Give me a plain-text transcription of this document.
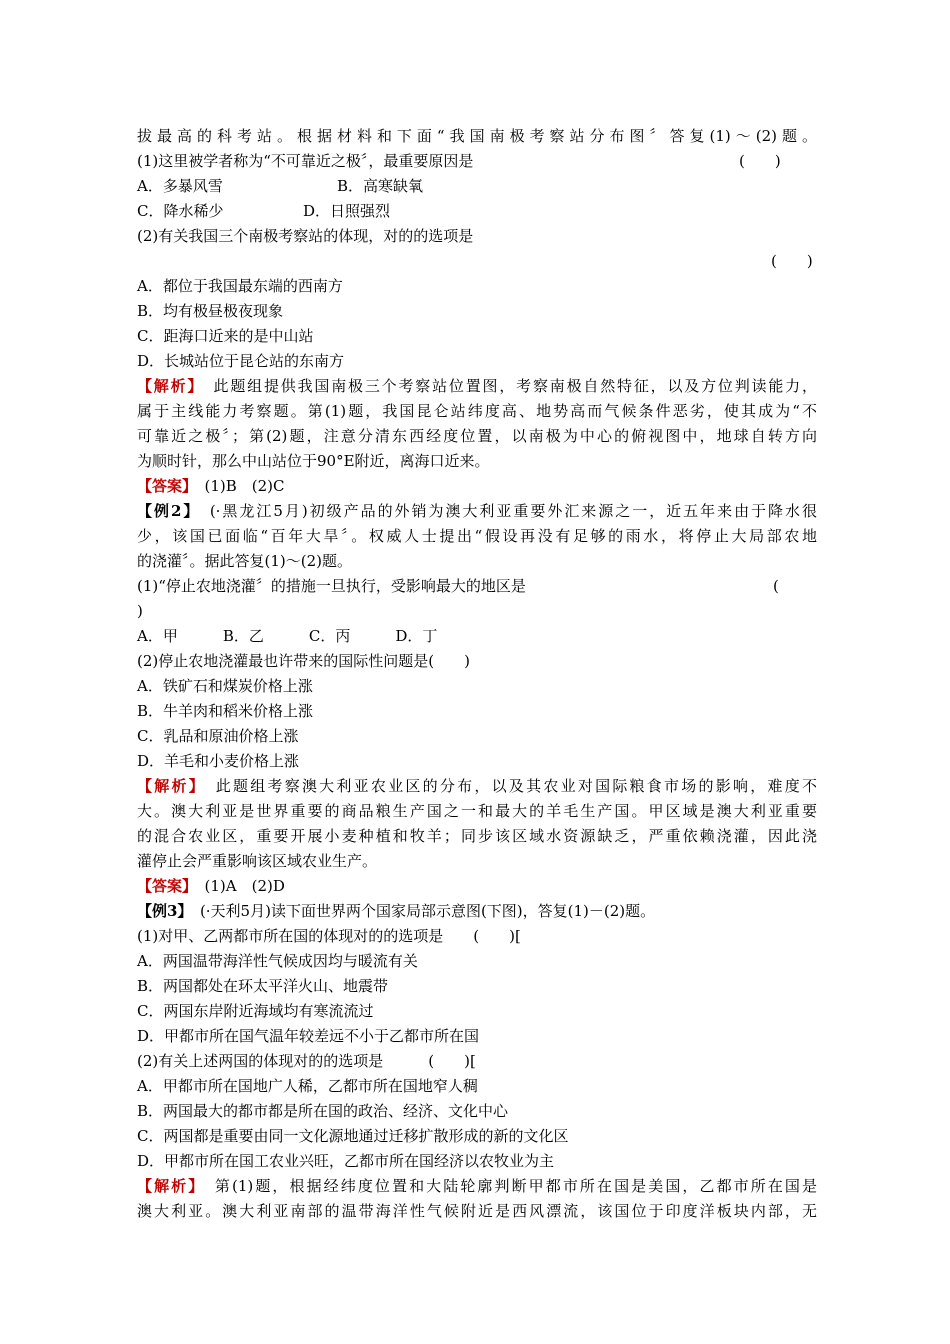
拔最高的科考站。根据材料和下面“我国南极考察站分布图〞答复(1)～(2)题。
(1)这里被学者称为“不可靠近之极〞，最重要原因是	(　　)
A．多暴风雪	B．高寒缺氧
C．降水稀少	D．日照强烈
(2)有关我国三个南极考察站的体现，对的的选项是
(　　)
A．都位于我国最东端的西南方
B．均有极昼极夜现象
C．距海口近来的是中山站
D．长城站位于昆仑站的东南方
【解析】　此题组提供我国南极三个考察站位置图，考察南极自然特征，以及方位判读能力，
属于主线能力考察题。第(1)题，我国昆仑站纬度高、地势高而气候条件恶劣，使其成为“不
可靠近之极〞；第(2)题，注意分清东西经度位置，以南极为中心的俯视图中，地球自转方向
为顺时针，那么中山站位于90°E附近，离海口近来。
【答案】　(1)B　(2)C
【例2】　(·黑龙江5月)初级产品的外销为澳大利亚重要外汇来源之一，近五年来由于降水很
少，该国已面临“百年大旱〞。权威人士提出“假设再没有足够的雨水，将停止大局部农地
的浇灌〞。据此答复(1)～(2)题。
(1)“停止农地浇灌〞的措施一旦执行，受影响最大的地区是	(
)
A．甲　　　B．乙　　　C．丙　　　D．丁
(2)停止农地浇灌最也许带来的国际性问题是(　　)
A．铁矿石和煤炭价格上涨
B．牛羊肉和稻米价格上涨
C．乳品和原油价格上涨
D．羊毛和小麦价格上涨
【解析】　此题组考察澳大利亚农业区的分布，以及其农业对国际粮食市场的影响，难度不
大。澳大利亚是世界重要的商品粮生产国之一和最大的羊毛生产国。甲区域是澳大利亚重要
的混合农业区，重要开展小麦种植和牧羊；同步该区域水资源缺乏，严重依赖浇灌，因此浇
灌停止会严重影响该区域农业生产。
【答案】　(1)A　(2)D
【例3】　(·天利5月)读下面世界两个国家局部示意图(下图)，答复(1)－(2)题。
(1)对甲、乙两都市所在国的体现对的的选项是　　(　　)[
A．两国温带海洋性气候成因均与暖流有关
B．两国都处在环太平洋火山、地震带
C．两国东岸附近海域均有寒流流过
D．甲都市所在国气温年较差远不小于乙都市所在国
(2)有关上述两国的体现对的的选项是　　　(　　)[
A．甲都市所在国地广人稀，乙都市所在国地窄人稠
B．两国最大的都市都是所在国的政治、经济、文化中心
C．两国都是重要由同一文化源地通过迁移扩散形成的新的文化区
D．甲都市所在国工农业兴旺，乙都市所在国经济以农牧业为主
【解析】　第(1)题，根据经纬度位置和大陆轮廓判断甲都市所在国是美国，乙都市所在国是
澳大利亚。澳大利亚南部的温带海洋性气候附近是西风漂流，该国位于印度洋板块内部，无
